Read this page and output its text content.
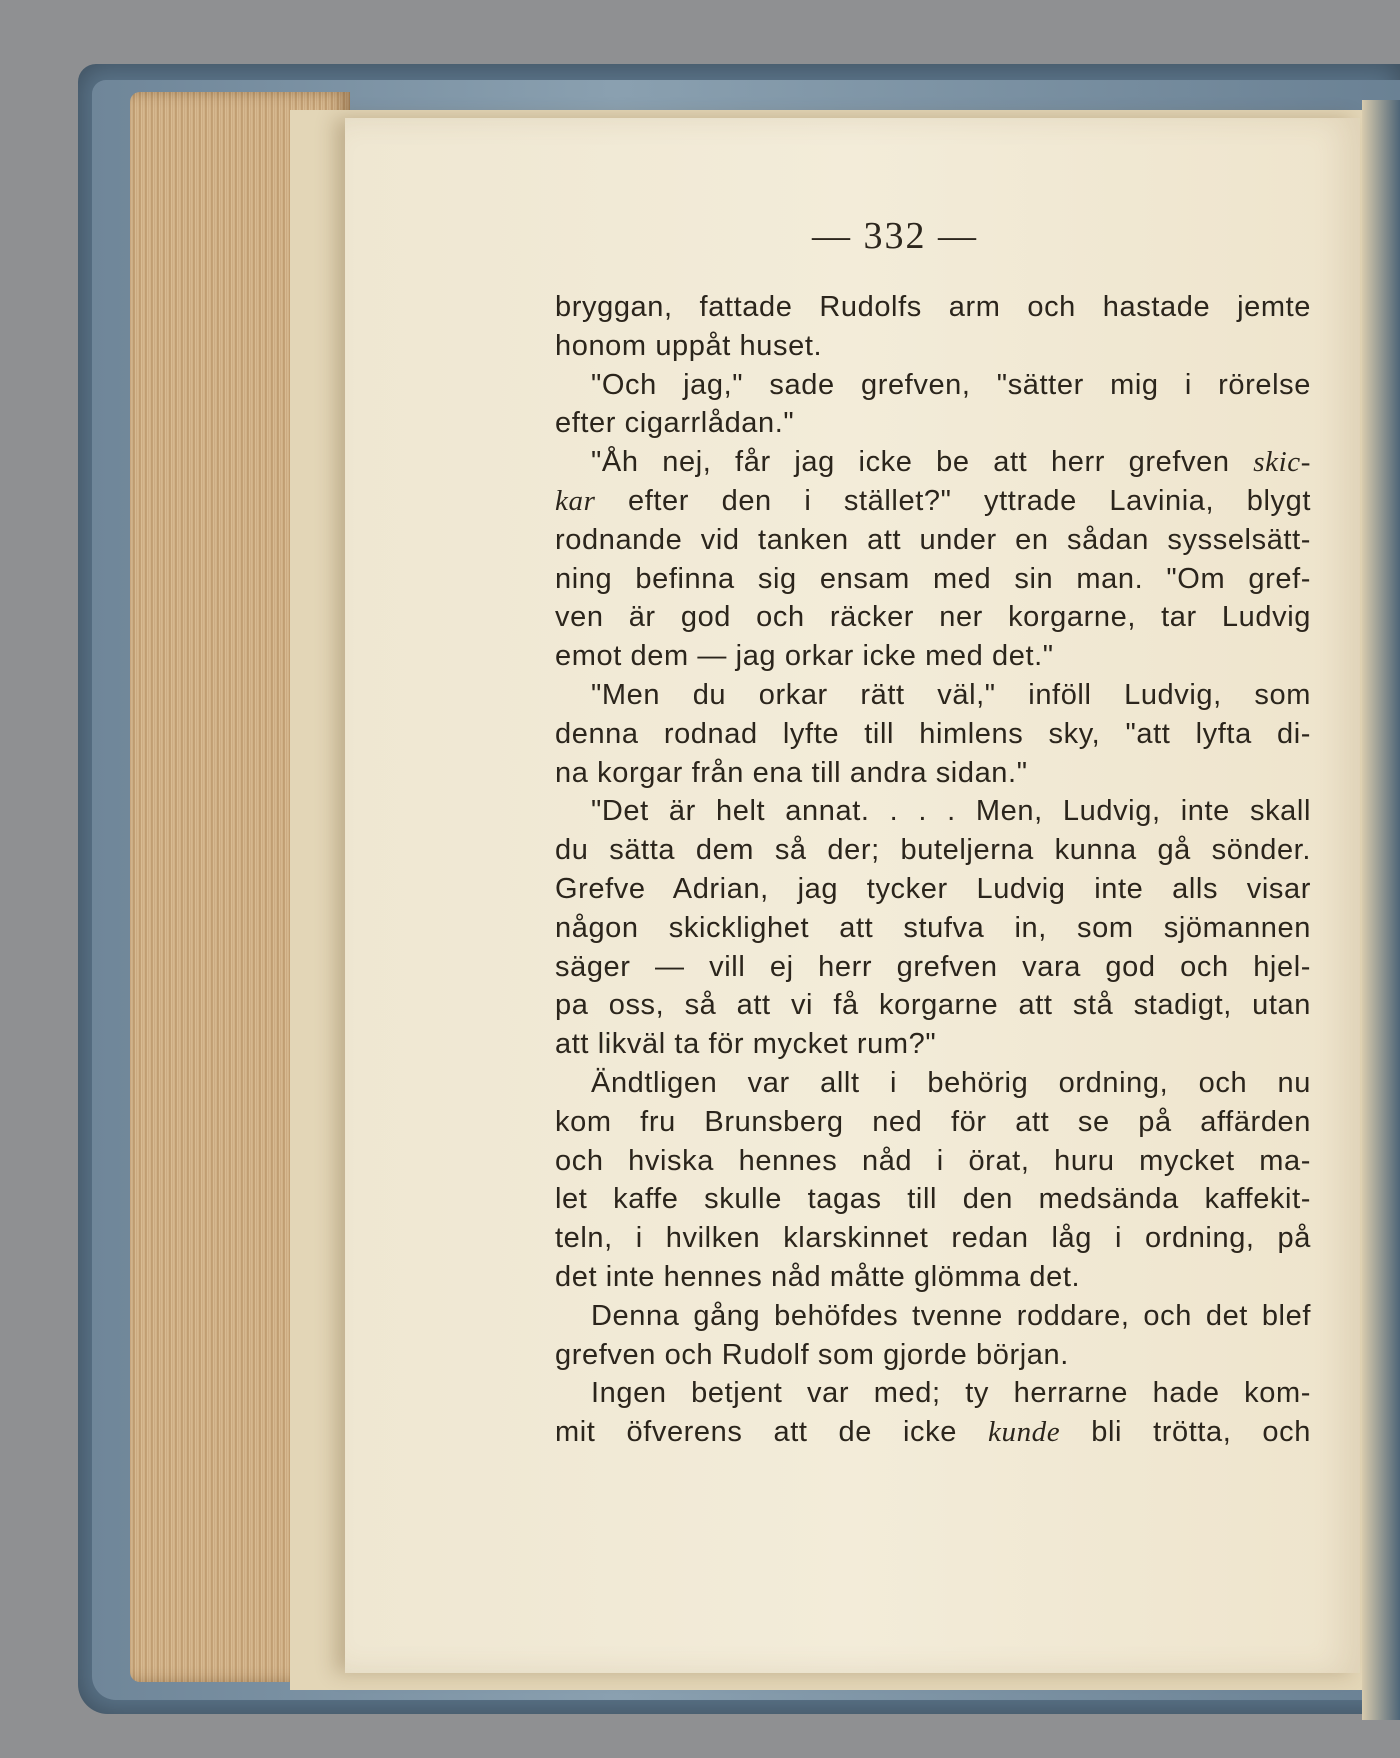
— 332 —
bryggan, fattade Rudolfs arm och hastade jemte
honom uppåt huset.
"Och jag," sade grefven, "sätter mig i rörelse
efter cigarrlådan."
"Åh nej, får jag icke be att herr grefven skic-
kar efter den i stället?" yttrade Lavinia, blygt
rodnande vid tanken att under en sådan sysselsätt-
ning befinna sig ensam med sin man. "Om gref-
ven är god och räcker ner korgarne, tar Ludvig
emot dem — jag orkar icke med det."
"Men du orkar rätt väl," inföll Ludvig, som
denna rodnad lyfte till himlens sky, "att lyfta di-
na korgar från ena till andra sidan."
"Det är helt annat. . . . Men, Ludvig, inte skall
du sätta dem så der; buteljerna kunna gå sönder.
Grefve Adrian, jag tycker Ludvig inte alls visar
någon skicklighet att stufva in, som sjömannen
säger — vill ej herr grefven vara god och hjel-
pa oss, så att vi få korgarne att stå stadigt, utan
att likväl ta för mycket rum?"
Ändtligen var allt i behörig ordning, och nu
kom fru Brunsberg ned för att se på affärden
och hviska hennes nåd i örat, huru mycket ma-
let kaffe skulle tagas till den medsända kaffekit-
teln, i hvilken klarskinnet redan låg i ordning, på
det inte hennes nåd måtte glömma det.
Denna gång behöfdes tvenne roddare, och det blef
grefven och Rudolf som gjorde början.
Ingen betjent var med; ty herrarne hade kom-
mit öfverens att de icke kunde bli trötta, och
